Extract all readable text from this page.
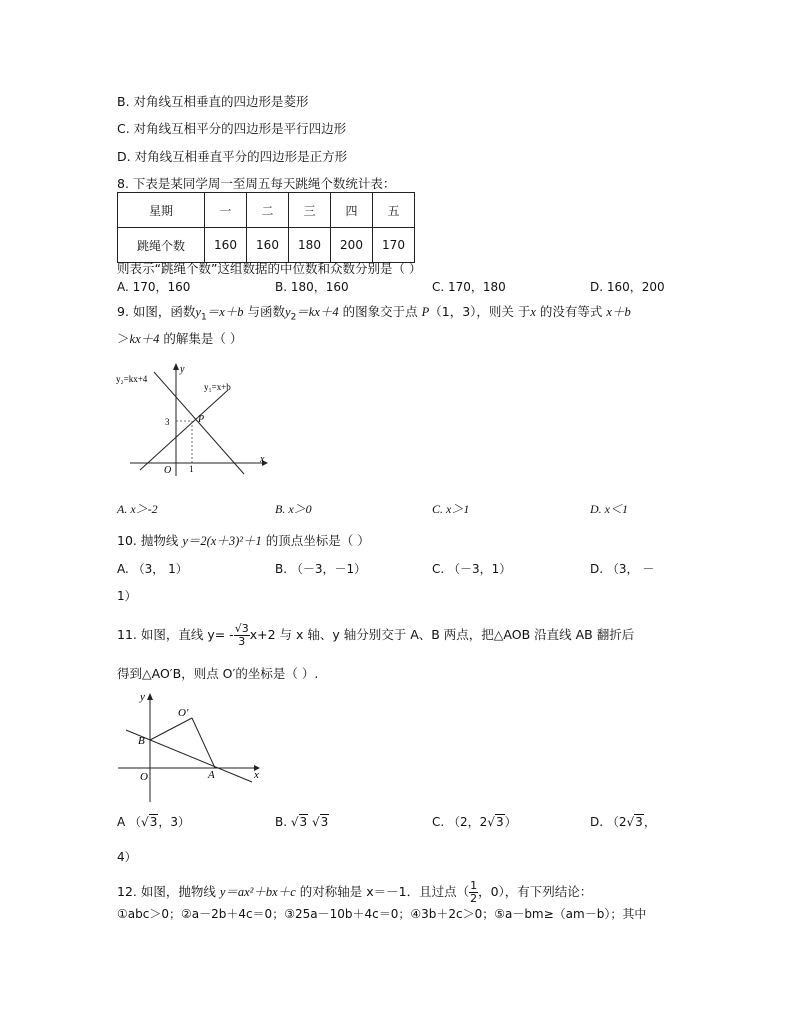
B. 对角线互相垂直的四边形是菱形
C. 对角线互相平分的四边形是平行四边形
D. 对角线互相垂直平分的四边形是正方形
8. 下表是某同学周一至周五每天跳绳个数统计表：
星期	一	二	三	四	五
跳绳个数	160	160	180	200	170
则表示“跳绳个数”这组数据的中位数和众数分别是（ ）
A. 170，160	B. 180，160	C. 170，180	D. 160，200
9. 如图，函数$y_1=x+b$ 与函数$y_2=kx+4$ 的图象交于点 P（1，3），则关 于x 的没有等式 x＋b
＞kx＋4 的解集是（ ）
y₂=kx+4
y₁=x+b
y
x
O
P
3
1
A. x＞-2	B. x＞0	C. x＞1	D. x＜1
10. 抛物线 y＝2(x＋3)²＋1 的顶点坐标是（ ）
A. （3， 1）	B. （－3，－1）	C. （－3，1）	D. （3， －
1）
11. 如图，直线 $y= - \frac{√3}{3} x+2$ 与 x 轴、y 轴分别交于 A、B 两点，把△AOB 沿直线 AB 翻折后
得到△AO′B，则点 O′的坐标是（ ）.
y
x
O
O′
B
A
A （√3，3）	B. √3 √3	C. （2，2√3）	D. （2√3，
4）
12. 如图，抛物线 y＝ax²＋bx＋c 的对称轴是 x＝－1．且过点（ $\frac{1}{2}$ ，0），有下列结论：
①abc＞0；②a－2b＋4c＝0；③25a－10b＋4c＝0；④3b＋2c＞0；⑤a－bm≥（am－b）；其中
